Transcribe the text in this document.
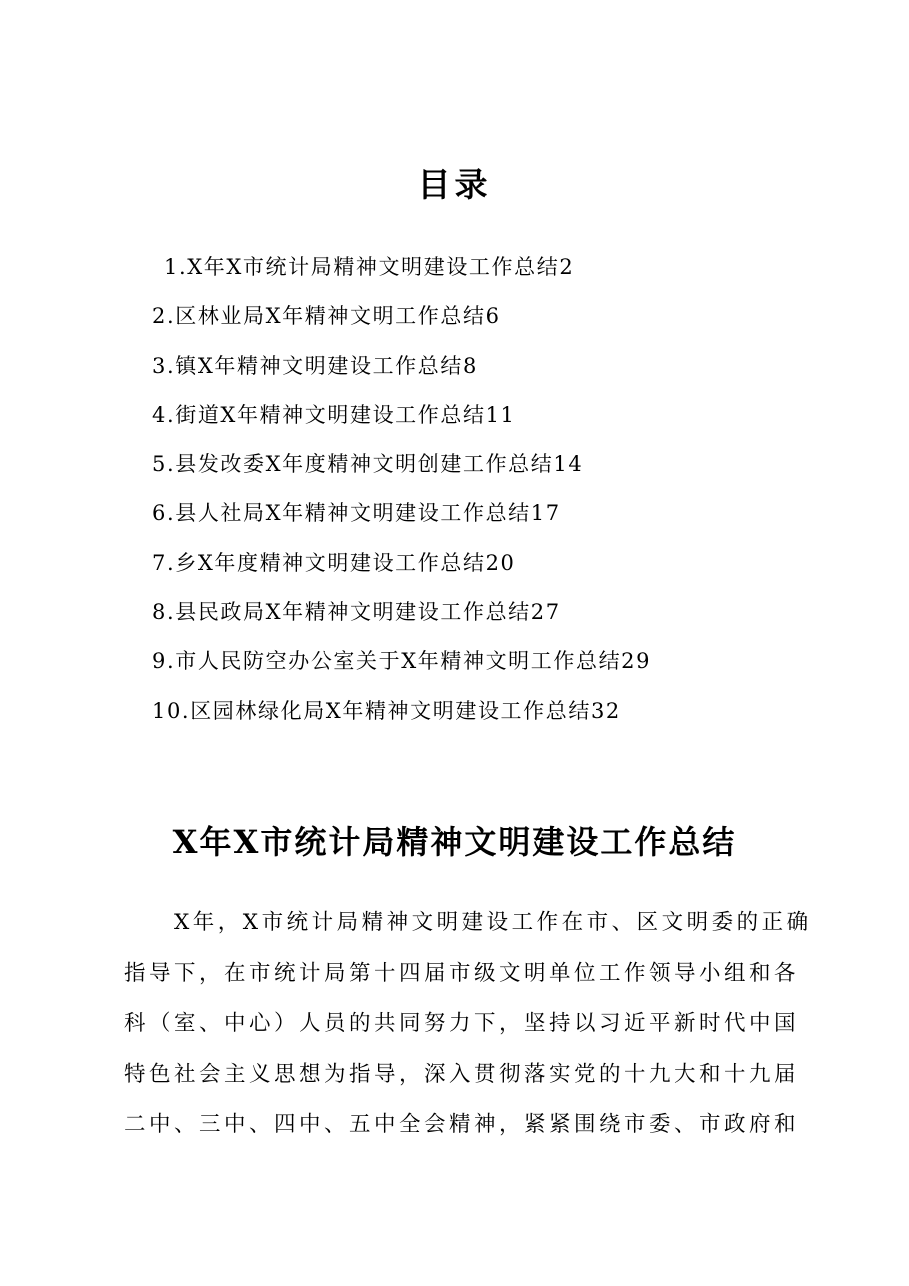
目录
1.X年X市统计局精神文明建设工作总结2
2.区林业局X年精神文明工作总结6
3.镇X年精神文明建设工作总结8
4.街道X年精神文明建设工作总结11
5.县发改委X年度精神文明创建工作总结14
6.县人社局X年精神文明建设工作总结17
7.乡X年度精神文明建设工作总结20
8.县民政局X年精神文明建设工作总结27
9.市人民防空办公室关于X年精神文明工作总结29
10.区园林绿化局X年精神文明建设工作总结32
X年X市统计局精神文明建设工作总结
　　X年，X市统计局精神文明建设工作在市、区文明委的正确
指导下，在市统计局第十四届市级文明单位工作领导小组和各
科（室、中心）人员的共同努力下，坚持以习近平新时代中国
特色社会主义思想为指导，深入贯彻落实党的十九大和十九届
二中、三中、四中、五中全会精神，紧紧围绕市委、市政府和
